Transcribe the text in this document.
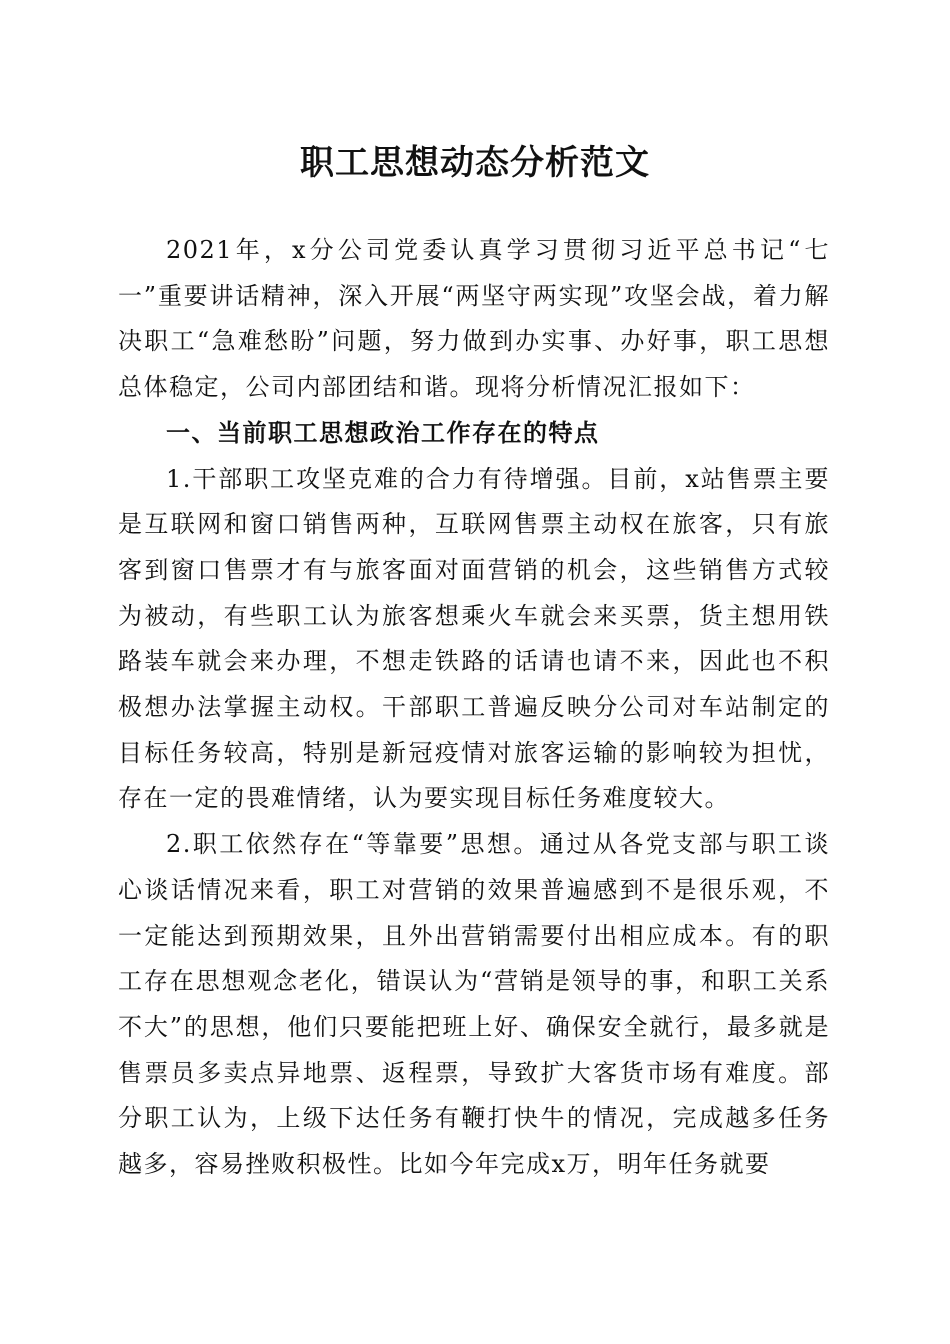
职工思想动态分析范文

2021年，x分公司党委认真学习贯彻习近平总书记“七一”重要讲话精神，深入开展“两坚守两实现”攻坚会战，着力解决职工“急难愁盼”问题，努力做到办实事、办好事，职工思想总体稳定，公司内部团结和谐。现将分析情况汇报如下：

一、当前职工思想政治工作存在的特点

1.干部职工攻坚克难的合力有待增强。目前，x站售票主要是互联网和窗口销售两种，互联网售票主动权在旅客，只有旅客到窗口售票才有与旅客面对面营销的机会，这些销售方式较为被动，有些职工认为旅客想乘火车就会来买票，货主想用铁路装车就会来办理，不想走铁路的话请也请不来，因此也不积极想办法掌握主动权。干部职工普遍反映分公司对车站制定的目标任务较高，特别是新冠疫情对旅客运输的影响较为担忧，存在一定的畏难情绪，认为要实现目标任务难度较大。

2.职工依然存在“等靠要”思想。通过从各党支部与职工谈心谈话情况来看，职工对营销的效果普遍感到不是很乐观，不一定能达到预期效果，且外出营销需要付出相应成本。有的职工存在思想观念老化，错误认为“营销是领导的事，和职工关系不大”的思想，他们只要能把班上好、确保安全就行，最多就是售票员多卖点异地票、返程票，导致扩大客货市场有难度。部分职工认为，上级下达任务有鞭打快牛的情况，完成越多任务越多，容易挫败积极性。比如今年完成x万，明年任务就要
